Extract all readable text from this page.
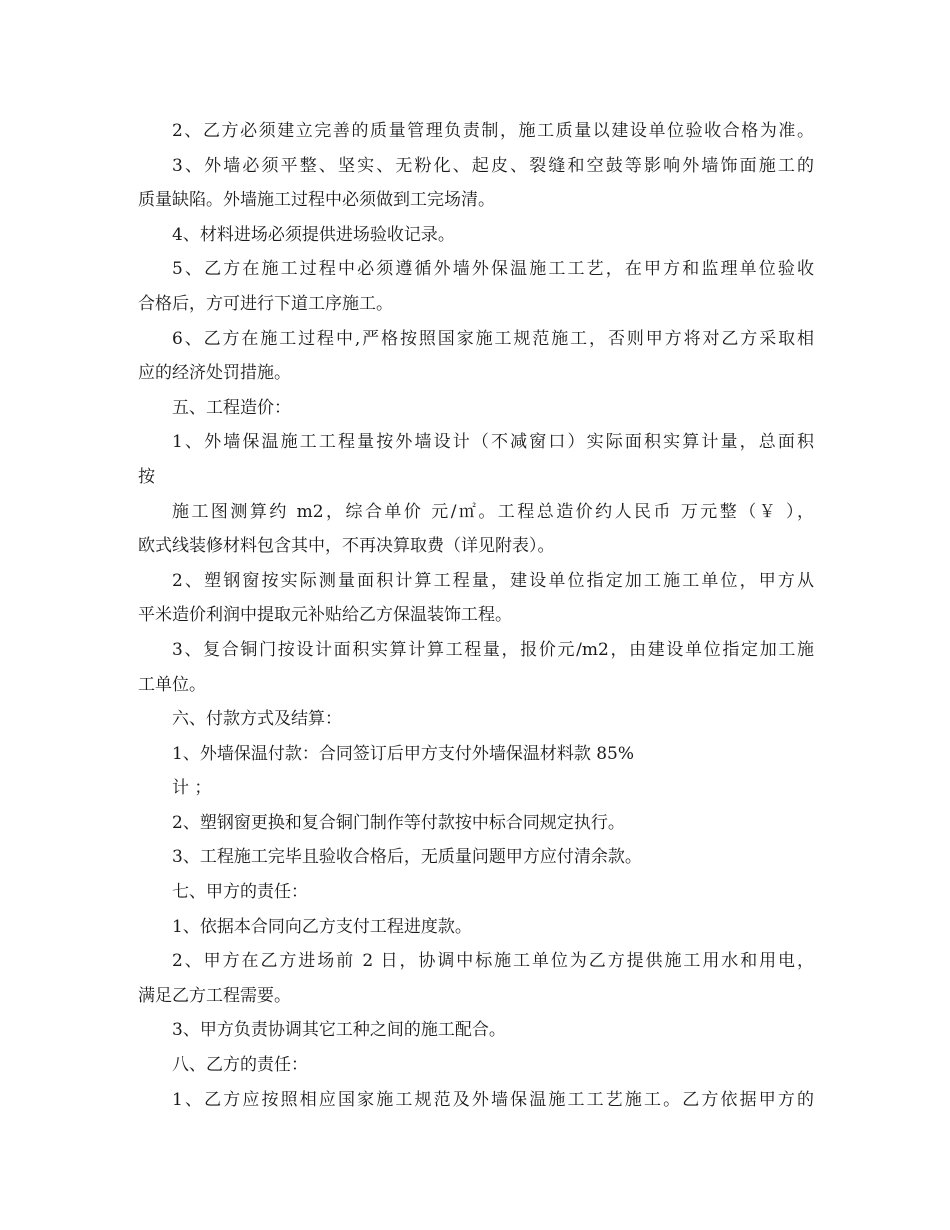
2、乙方必须建立完善的质量管理负责制，施工质量以建设单位验收合格为准。
3、外墙必须平整、坚实、无粉化、起皮、裂缝和空鼓等影响外墙饰面施工的
质量缺陷。外墙施工过程中必须做到工完场清。
4、材料进场必须提供进场验收记录。
5、乙方在施工过程中必须遵循外墙外保温施工工艺，在甲方和监理单位验收
合格后，方可进行下道工序施工。
6、乙方在施工过程中,严格按照国家施工规范施工，否则甲方将对乙方采取相
应的经济处罚措施。
五、工程造价：
1、外墙保温施工工程量按外墙设计（不减窗口）实际面积实算计量，总面积
按
施工图测算约 m2，综合单价 元/㎡。工程总造价约人民币 万元整（￥ ），
欧式线装修材料包含其中，不再决算取费（详见附表）。
2、塑钢窗按实际测量面积计算工程量，建设单位指定加工施工单位，甲方从
平米造价利润中提取元补贴给乙方保温装饰工程。
3、复合铜门按设计面积实算计算工程量，报价元/m2，由建设单位指定加工施
工单位。
六、付款方式及结算：
1、外墙保温付款：合同签订后甲方支付外墙保温材料款 85%
计 ；
2、塑钢窗更换和复合铜门制作等付款按中标合同规定执行。
3、工程施工完毕且验收合格后，无质量问题甲方应付清余款。
七、甲方的责任：
1、依据本合同向乙方支付工程进度款。
2、甲方在乙方进场前 2 日，协调中标施工单位为乙方提供施工用水和用电，
满足乙方工程需要。
3、甲方负责协调其它工种之间的施工配合。
八、乙方的责任：
1、乙方应按照相应国家施工规范及外墙保温施工工艺施工。乙方依据甲方的
